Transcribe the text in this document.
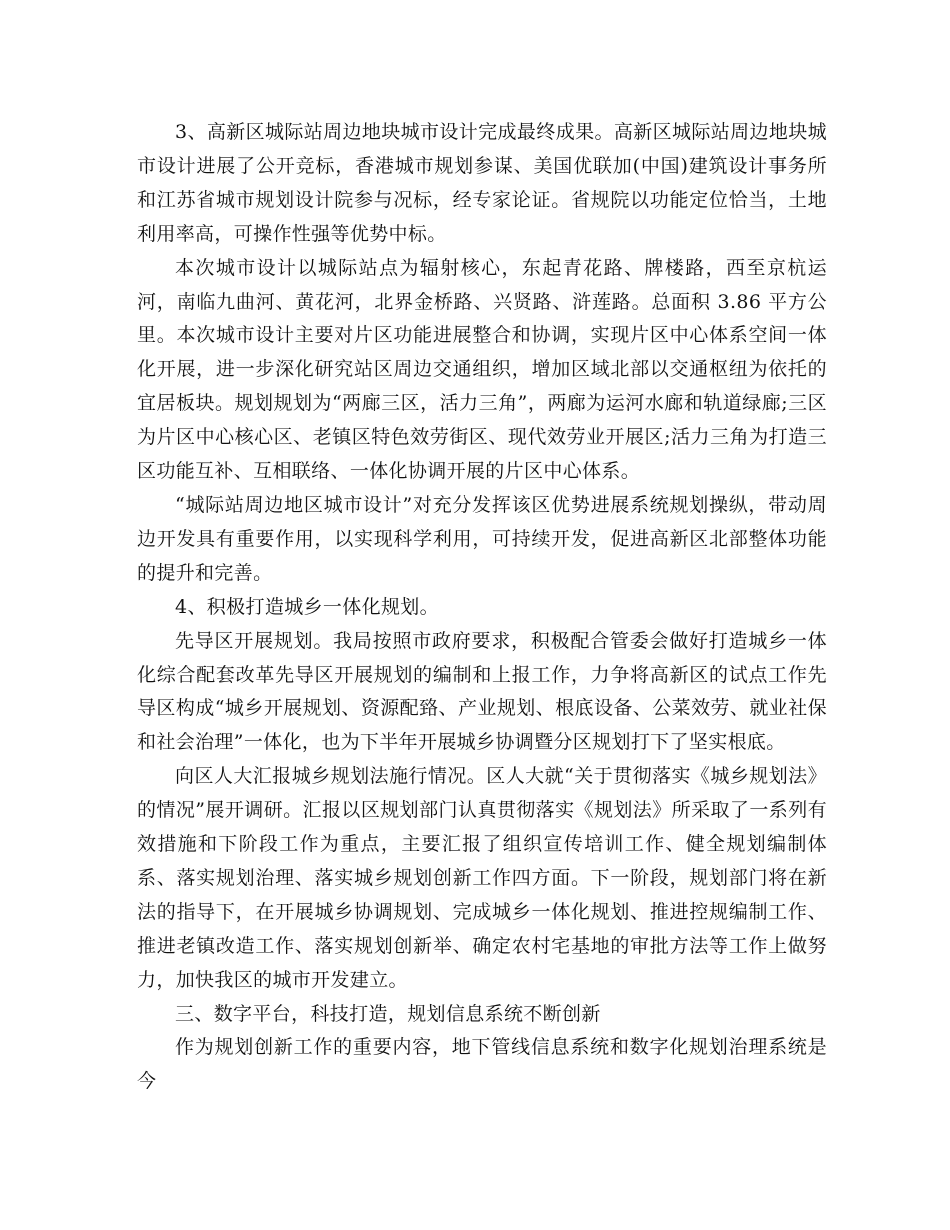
3、高新区城际站周边地块城市设计完成最终成果。高新区城际站周边地块城市设计进展了公开竞标，香港城市规划参谋、美国优联加(中国)建筑设计事务所和江苏省城市规划设计院参与况标，经专家论证。省规院以功能定位恰当，土地利用率高，可操作性强等优势中标。

本次城市设计以城际站点为辐射核心，东起青花路、牌楼路，西至京杭运河，南临九曲河、黄花河，北界金桥路、兴贤路、浒莲路。总面积 3.86 平方公里。本次城市设计主要对片区功能进展整合和协调，实现片区中心体系空间一体化开展，进一步深化研究站区周边交通组织，增加区域北部以交通枢纽为依托的宜居板块。规划规划为“两廊三区，活力三角”，两廊为运河水廊和轨道绿廊;三区为片区中心核心区、老镇区特色效劳街区、现代效劳业开展区;活力三角为打造三区功能互补、互相联络、一体化协调开展的片区中心体系。

“城际站周边地区城市设计”对充分发挥该区优势进展系统规划操纵，带动周边开发具有重要作用，以实现科学利用，可持续开发，促进高新区北部整体功能的提升和完善。

4、积极打造城乡一体化规划。

先导区开展规划。我局按照市政府要求，积极配合管委会做好打造城乡一体化综合配套改革先导区开展规划的编制和上报工作，力争将高新区的试点工作先导区构成“城乡开展规划、资源配臵、产业规划、根底设备、公菜效劳、就业社保和社会治理”一体化，也为下半年开展城乡协调暨分区规划打下了坚实根底。

向区人大汇报城乡规划法施行情况。区人大就“关于贯彻落实《城乡规划法》的情况”展开调研。汇报以区规划部门认真贯彻落实《规划法》所采取了一系列有效措施和下阶段工作为重点，主要汇报了组织宣传培训工作、健全规划编制体系、落实规划治理、落实城乡规划创新工作四方面。下一阶段，规划部门将在新法的指导下，在开展城乡协调规划、完成城乡一体化规划、推进控规编制工作、推进老镇改造工作、落实规划创新举、确定农村宅基地的审批方法等工作上做努力，加快我区的城市开发建立。

三、数字平台，科技打造，规划信息系统不断创新

作为规划创新工作的重要内容，地下管线信息系统和数字化规划治理系统是今
